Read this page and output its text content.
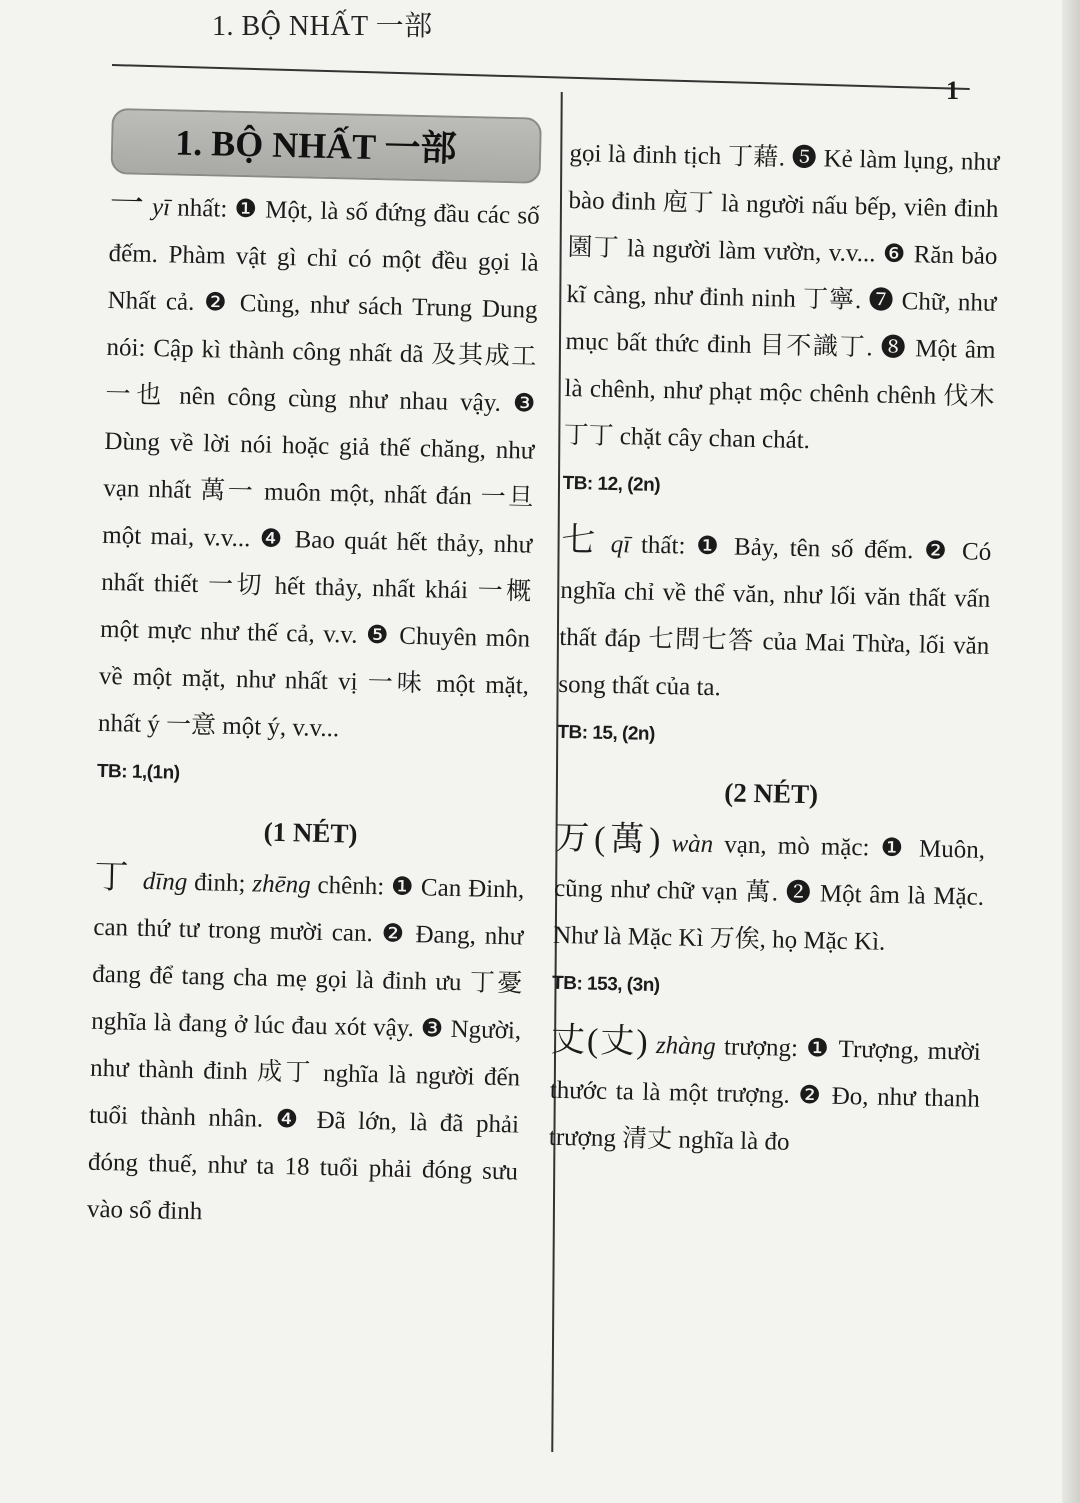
1. BỘ NHẤT 一部
1
1. BỘ NHẤT 一部

一 yī nhất: ❶ Một, là số đứng đầu các số đếm. Phàm vật gì chỉ có một đều gọi là Nhất cả. ❷ Cùng, như sách Trung Dung nói: Cập kì thành công nhất dã 及其成工一也 nên công cùng như nhau vậy. ❸ Dùng về lời nói hoặc giả thế chăng, như vạn nhất 萬一 muôn một, nhất đán 一旦 một mai, v.v... ❹ Bao quát hết thảy, như nhất thiết 一切 hết thảy, nhất khái 一概 một mực như thế cả, v.v. ❺ Chuyên môn về một mặt, như nhất vị 一味 một mặt, nhất ý 一意 một ý, v.v...

TB: 1,(1n)
(1 NÉT)

丁 dīng đinh; zhēng chênh: ❶ Can Đinh, can thứ tư trong mười can. ❷ Đang, như đang để tang cha mẹ gọi là đinh ưu 丁憂 nghĩa là đang ở lúc đau xót vậy. ❸ Người, như thành đinh 成丁 nghĩa là người đến tuổi thành nhân. ❹ Đã lớn, là đã phải đóng thuế, như ta 18 tuổi phải đóng sưu vào sổ đinh

gọi là đinh tịch 丁藉. ❺ Kẻ làm lụng, như bào đinh 庖丁 là người nấu bếp, viên đinh 園丁 là người làm vườn, v.v... ❻ Răn bảo kĩ càng, như đinh ninh 丁寧. ❼ Chữ, như mục bất thức đinh 目不識丁. ❽ Một âm là chênh, như phạt mộc chênh chênh 伐木丁丁 chặt cây chan chát.

TB: 12, (2n)

七 qī thất: ❶ Bảy, tên số đếm. ❷ Có nghĩa chỉ về thể văn, như lối văn thất vấn thất đáp 七問七答 của Mai Thừa, lối văn song thất của ta.

TB: 15, (2n)
(2 NÉT)

万(萬) wàn vạn, mò mặc: ❶ Muôn, cũng như chữ vạn 萬. ❷ Một âm là Mặc. Như là Mặc Kì 万俟, họ Mặc Kì.

TB: 153, (3n)

丈(丈) zhàng trượng: ❶ Trượng, mười thước ta là một trượng. ❷ Đo, như thanh trượng 清丈 nghĩa là đo
